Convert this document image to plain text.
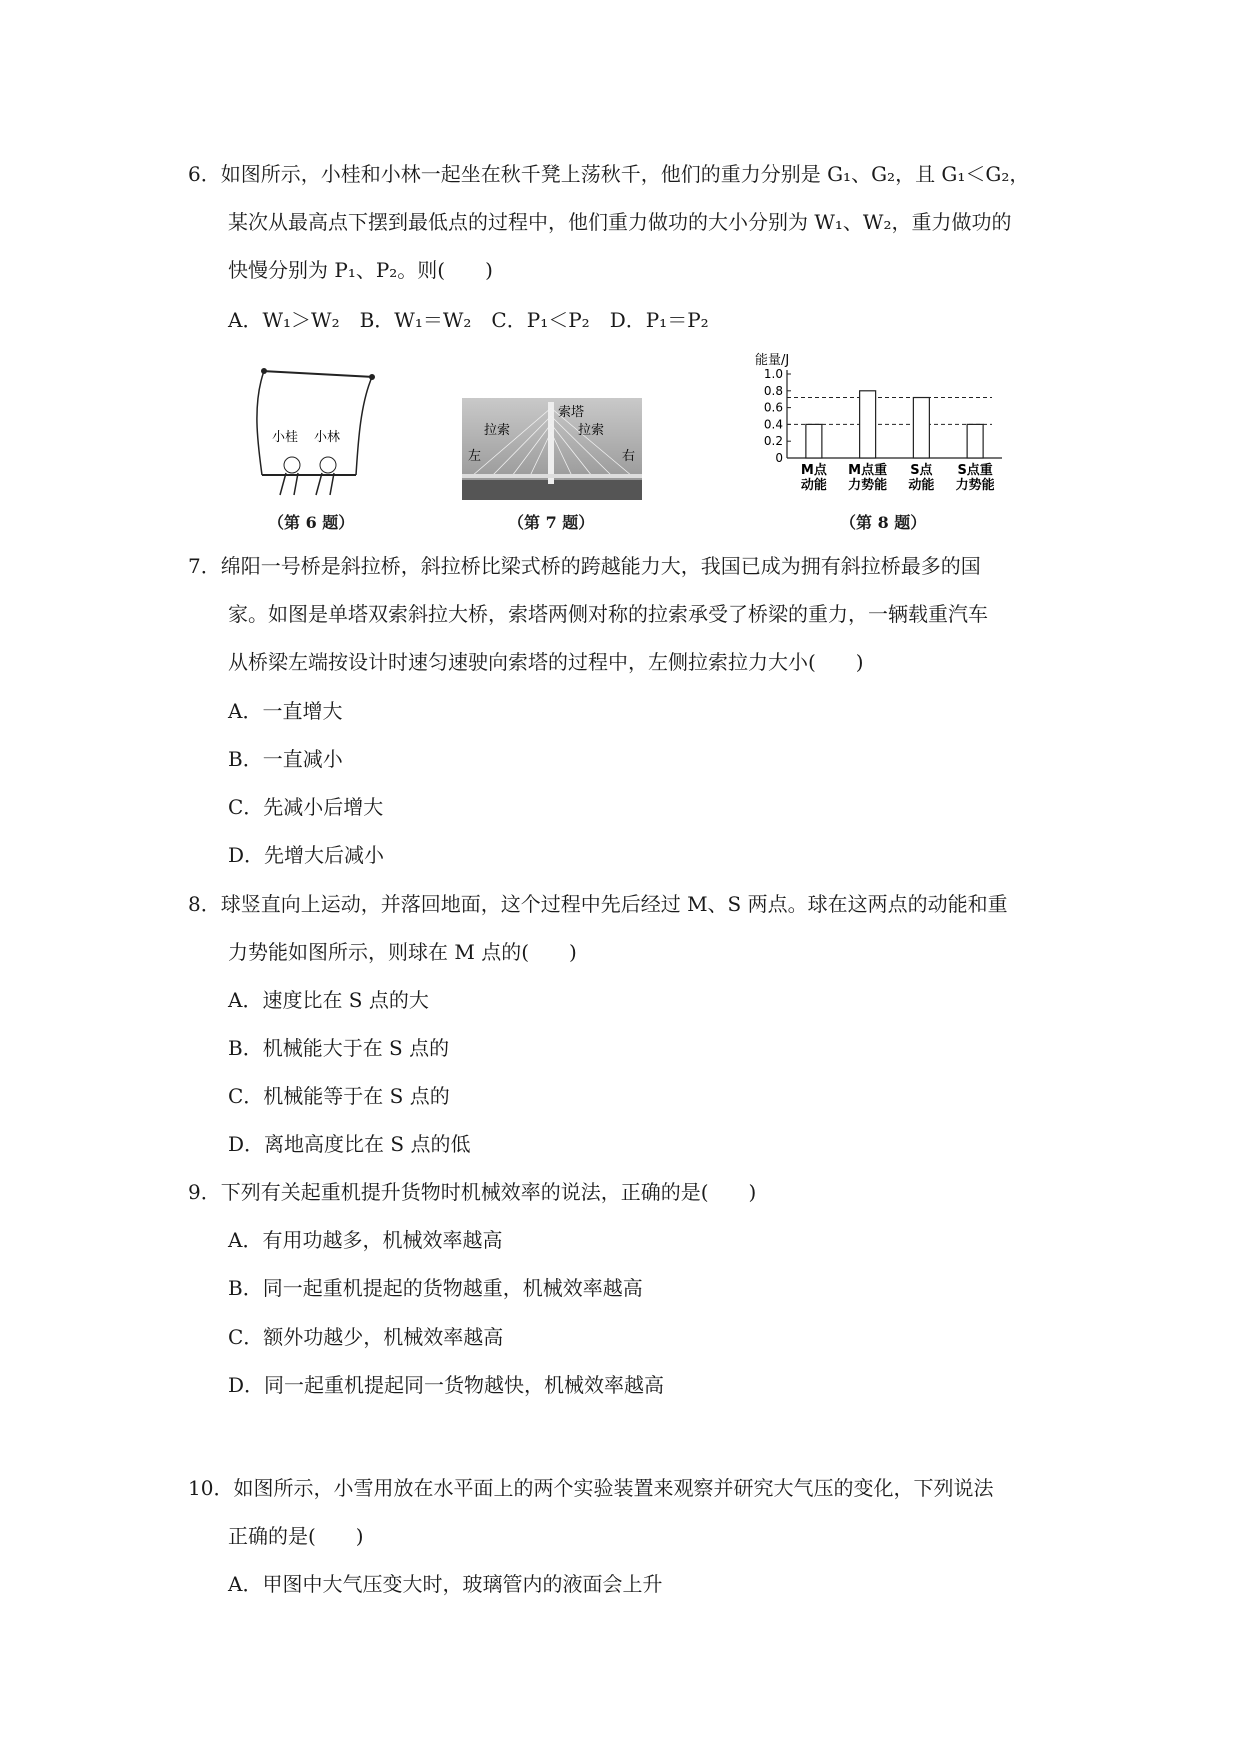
6．如图所示，小桂和小林一起坐在秋千凳上荡秋千，他们的重力分别是 G₁、G₂，且 G₁＜G₂，
某次从最高点下摆到最低点的过程中，他们重力做功的大小分别为 W₁、W₂，重力做功的
快慢分别为 P₁、P₂。则(　　)
A．W₁＞W₂　B．W₁＝W₂　C．P₁＜P₂　D．P₁＝P₂
小桂 小林
（第 6 题）
索塔
拉索	拉索
左	右
（第 7 题）
能量/J
0
0.2
0.4
0.6
0.8
1.0
M点
动能
M点重
力势能
S点
动能
S点重
力势能
（第 8 题）
7．绵阳一号桥是斜拉桥，斜拉桥比梁式桥的跨越能力大，我国已成为拥有斜拉桥最多的国
家。如图是单塔双索斜拉大桥，索塔两侧对称的拉索承受了桥梁的重力，一辆载重汽车
从桥梁左端按设计时速匀速驶向索塔的过程中，左侧拉索拉力大小(　　)
A．一直增大
B．一直减小
C．先减小后增大
D．先增大后减小
8．球竖直向上运动，并落回地面，这个过程中先后经过 M、S 两点。球在这两点的动能和重
力势能如图所示，则球在 M 点的(　　)
A．速度比在 S 点的大
B．机械能大于在 S 点的
C．机械能等于在 S 点的
D．离地高度比在 S 点的低
9．下列有关起重机提升货物时机械效率的说法，正确的是(　　)
A．有用功越多，机械效率越高
B．同一起重机提起的货物越重，机械效率越高
C．额外功越少，机械效率越高
D．同一起重机提起同一货物越快，机械效率越高
10．如图所示，小雪用放在水平面上的两个实验装置来观察并研究大气压的变化，下列说法
正确的是(　　)
A．甲图中大气压变大时，玻璃管内的液面会上升
